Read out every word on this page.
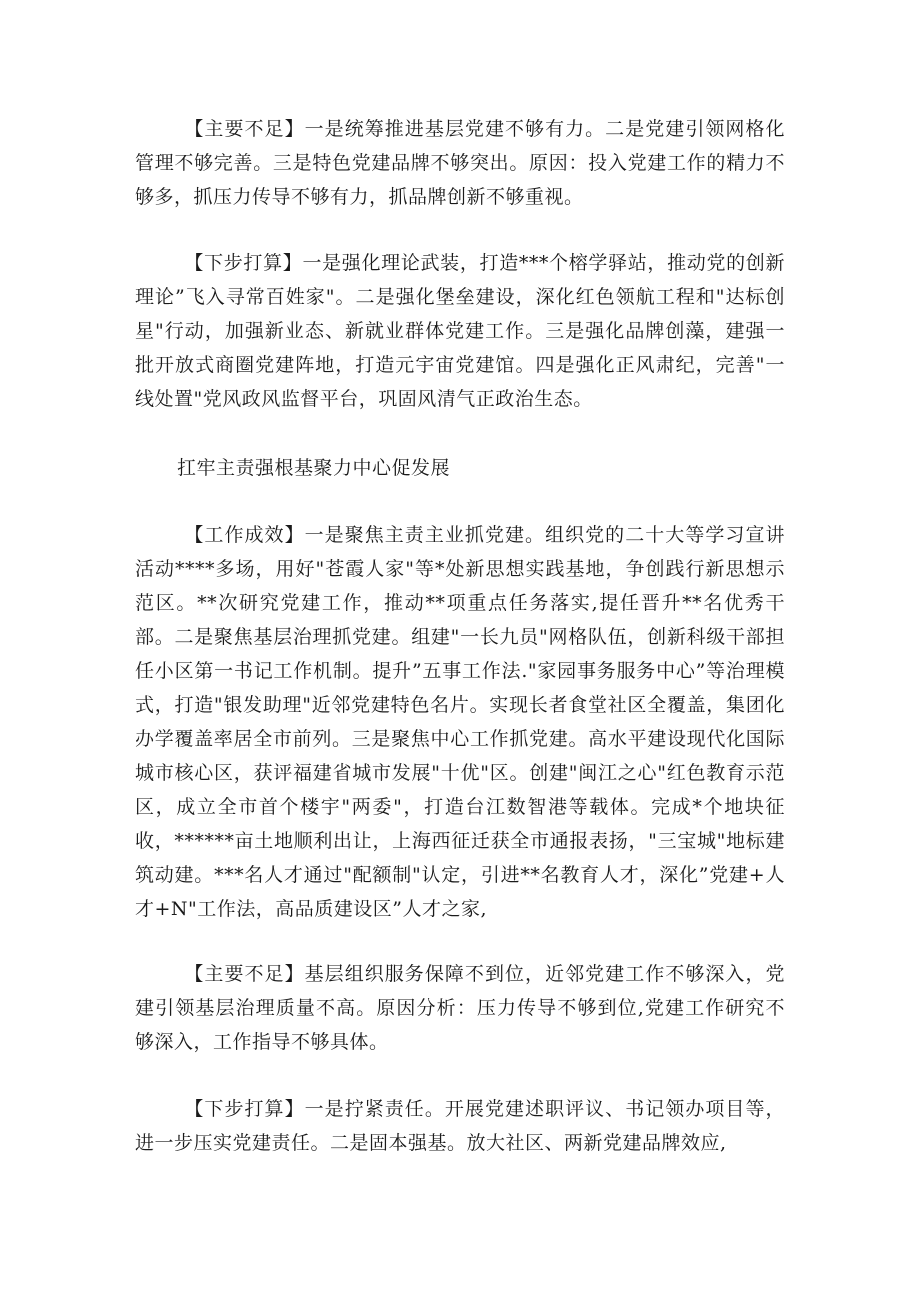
【主要不足】一是统筹推进基层党建不够有力。二是党建引领网格化管理不够完善。三是特色党建品牌不够突出。原因：投入党建工作的精力不够多，抓压力传导不够有力，抓品牌创新不够重视。

【下步打算】一是强化理论武装，打造***个榕学驿站，推动党的创新理论”飞入寻常百姓家"。二是强化堡垒建设，深化红色领航工程和"达标创星"行动，加强新业态、新就业群体党建工作。三是强化品牌创藻，建强一批开放式商圈党建阵地，打造元宇宙党建馆。四是强化正风肃纪，完善"一线处置"党风政风监督平台，巩固风清气正政治生态。

扛牢主责强根基聚力中心促发展

【工作成效】一是聚焦主责主业抓党建。组织党的二十大等学习宣讲活动****多场，用好"苍霞人家"等*处新思想实践基地，争创践行新思想示范区。**次研究党建工作，推动**项重点任务落实,提任晋升**名优秀干部。二是聚焦基层治理抓党建。组建"一长九员"网格队伍，创新科级干部担任小区第一书记工作机制。提升”五事工作法."家园事务服务中心”等治理模式，打造"银发助理"近邻党建特色名片。实现长者食堂社区全覆盖，集团化办学覆盖率居全市前列。三是聚焦中心工作抓党建。高水平建设现代化国际城市核心区，获评福建省城市发展"十优"区。创建"闽江之心"红色教育示范区，成立全市首个楼宇"两委"，打造台江数智港等载体。完成*个地块征收，******亩土地顺利出让，上海西征迁获全市通报表扬，"三宝城"地标建筑动建。***名人才通过"配额制"认定，引进**名教育人才，深化”党建+人才+N"工作法，高品质建设区”人才之家,

【主要不足】基层组织服务保障不到位，近邻党建工作不够深入，党建引领基层治理质量不高。原因分析：压力传导不够到位,党建工作研究不够深入，工作指导不够具体。

【下步打算】一是拧紧责任。开展党建述职评议、书记领办项目等，进一步压实党建责任。二是固本强基。放大社区、两新党建品牌效应,
